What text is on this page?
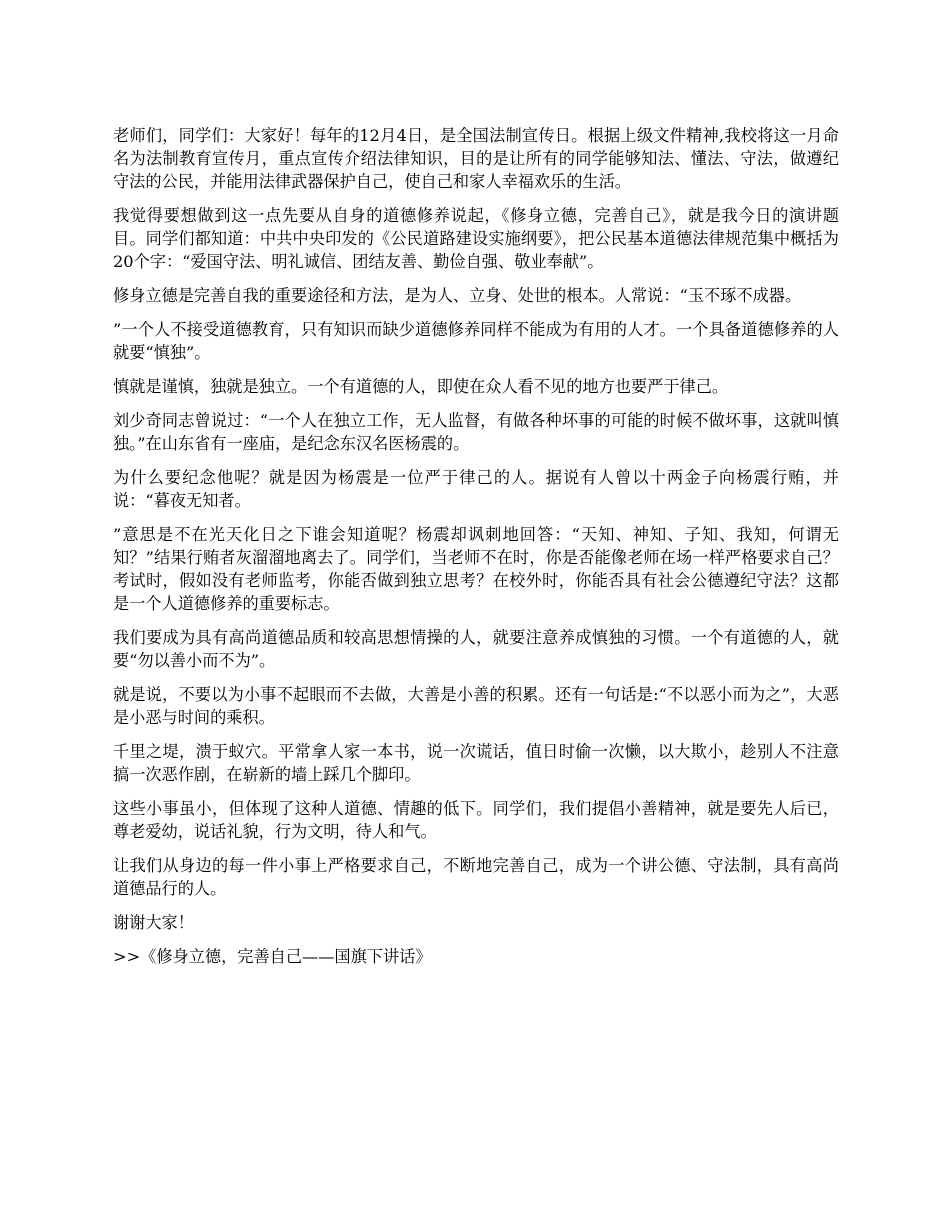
老师们，同学们：大家好！每年的12月4日，是全国法制宣传日。根据上级文件精神,我校将这一月命名为法制教育宣传月，重点宣传介绍法律知识，目的是让所有的同学能够知法、懂法、守法，做遵纪守法的公民，并能用法律武器保护自己，使自己和家人幸福欢乐的生活。

我觉得要想做到这一点先要从自身的道德修养说起，《修身立德，完善自己》，就是我今日的演讲题目。同学们都知道：中共中央印发的《公民道路建设实施纲要》，把公民基本道德法律规范集中概括为20个字：“爱国守法、明礼诚信、团结友善、勤俭自强、敬业奉献”。

修身立德是完善自我的重要途径和方法，是为人、立身、处世的根本。人常说：“玉不琢不成器。

”一个人不接受道德教育，只有知识而缺少道德修养同样不能成为有用的人才。一个具备道德修养的人就要“慎独”。

慎就是谨慎，独就是独立。一个有道德的人，即使在众人看不见的地方也要严于律己。

刘少奇同志曾说过：“一个人在独立工作，无人监督，有做各种坏事的可能的时候不做坏事，这就叫慎独。”在山东省有一座庙，是纪念东汉名医杨震的。

为什么要纪念他呢？就是因为杨震是一位严于律己的人。据说有人曾以十两金子向杨震行贿，并说：“暮夜无知者。

”意思是不在光天化日之下谁会知道呢？杨震却讽刺地回答：“天知、神知、子知、我知，何谓无知？”结果行贿者灰溜溜地离去了。同学们，当老师不在时，你是否能像老师在场一样严格要求自己？考试时，假如没有老师监考，你能否做到独立思考？在校外时，你能否具有社会公德遵纪守法？这都是一个人道德修养的重要标志。

我们要成为具有高尚道德品质和较高思想情操的人，就要注意养成慎独的习惯。一个有道德的人，就要“勿以善小而不为”。

就是说，不要以为小事不起眼而不去做，大善是小善的积累。还有一句话是:“不以恶小而为之”，大恶是小恶与时间的乘积。

千里之堤，溃于蚁穴。平常拿人家一本书，说一次谎话，值日时偷一次懒，以大欺小，趁别人不注意搞一次恶作剧，在崭新的墙上踩几个脚印。

这些小事虽小，但体现了这种人道德、情趣的低下。同学们，我们提倡小善精神，就是要先人后已，尊老爱幼，说话礼貌，行为文明，待人和气。

让我们从身边的每一件小事上严格要求自己，不断地完善自己，成为一个讲公德、守法制，具有高尚道德品行的人。

谢谢大家！

>>《修身立德，完善自己——国旗下讲话》
